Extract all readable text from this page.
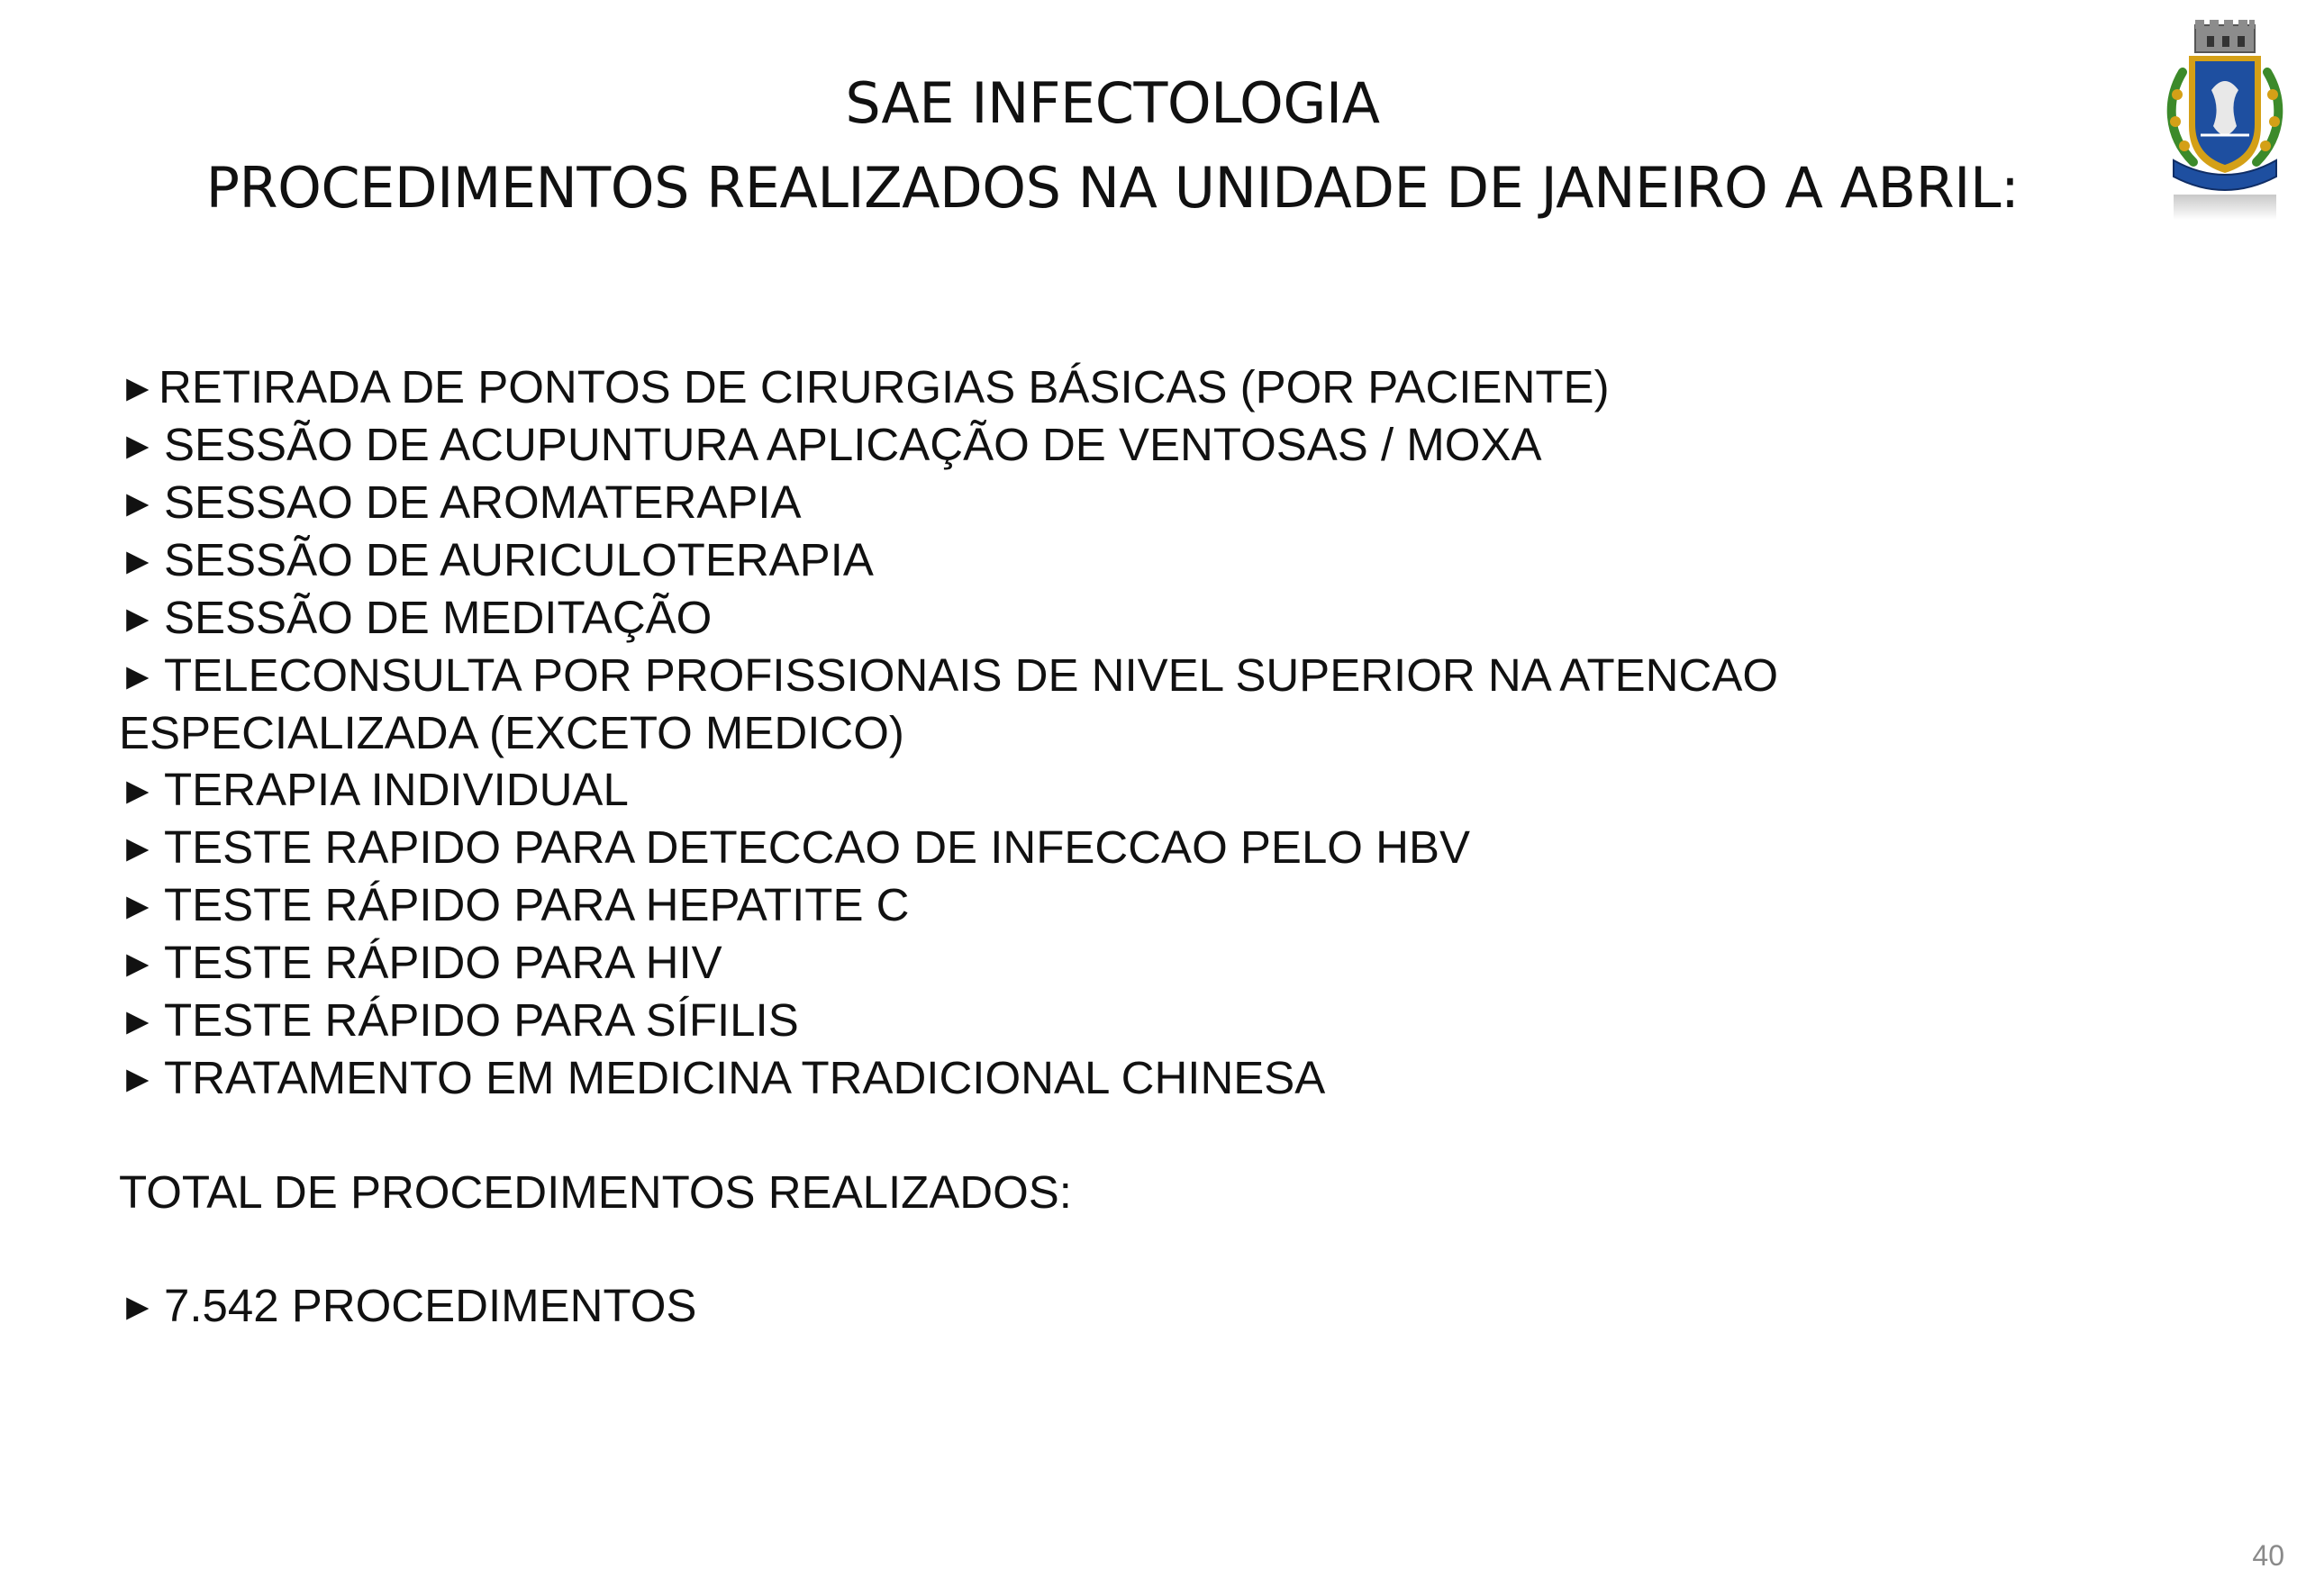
SAE INFECTOLOGIA
PROCEDIMENTOS REALIZADOS NA UNIDADE DE JANEIRO A ABRIL:
►RETIRADA DE PONTOS DE CIRURGIAS BÁSICAS (POR PACIENTE)
► SESSÃO DE ACUPUNTURA APLICAÇÃO DE VENTOSAS / MOXA
► SESSAO DE AROMATERAPIA
► SESSÃO DE AURICULOTERAPIA
► SESSÃO DE MEDITAÇÃO
► TELECONSULTA POR PROFISSIONAIS DE NIVEL SUPERIOR NA ATENCAO ESPECIALIZADA (EXCETO MEDICO)
► TERAPIA INDIVIDUAL
► TESTE RAPIDO PARA DETECCAO DE INFECCAO PELO HBV
► TESTE RÁPIDO PARA HEPATITE C
► TESTE RÁPIDO PARA HIV
► TESTE RÁPIDO PARA SÍFILIS
► TRATAMENTO EM MEDICINA TRADICIONAL CHINESA
TOTAL DE PROCEDIMENTOS REALIZADOS:
► 7.542 PROCEDIMENTOS
40
